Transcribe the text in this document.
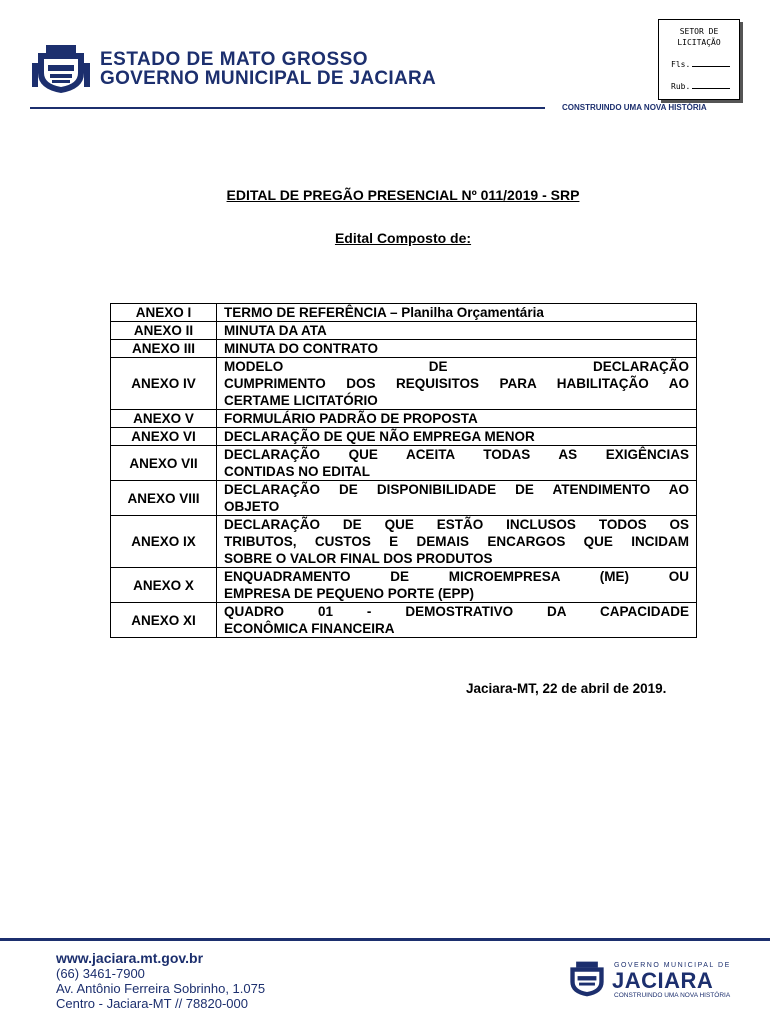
ESTADO DE MATO GROSSO
GOVERNO MUNICIPAL DE JACIARA
CONSTRUINDO UMA NOVA HISTÓRIA
SETOR DE
LICITAÇÃO
Fls.
Rub.
EDITAL DE PREGÃO PRESENCIAL Nº 011/2019 - SRP
Edital Composto de:
ANEXO I	TERMO DE REFERÊNCIA – Planilha Orçamentária

ANEXO II	MINUTA DA ATA

ANEXO III	MINUTA DO CONTRATO

ANEXO IV	MODELO DE DECLARAÇÃO
CUMPRIMENTO DOS REQUISITOS PARA HABILITAÇÃO AO
CERTAME LICITATÓRIO

ANEXO V	FORMULÁRIO PADRÃO DE PROPOSTA

ANEXO VI	DECLARAÇÃO DE QUE NÃO EMPREGA MENOR

ANEXO VII	DECLARAÇÃO QUE ACEITA TODAS AS EXIGÊNCIAS
CONTIDAS NO EDITAL

ANEXO VIII	DECLARAÇÃO DE DISPONIBILIDADE DE ATENDIMENTO AO
OBJETO

ANEXO IX	DECLARAÇÃO DE QUE ESTÃO INCLUSOS TODOS OS
TRIBUTOS, CUSTOS E DEMAIS ENCARGOS QUE INCIDAM
SOBRE O VALOR FINAL DOS PRODUTOS

ANEXO X	ENQUADRAMENTO DE MICROEMPRESA (ME) OU
EMPRESA DE PEQUENO PORTE (EPP)

ANEXO XI	QUADRO 01 - DEMOSTRATIVO DA CAPACIDADE
ECONÔMICA FINANCEIRA
Jaciara-MT, 22 de abril de 2019.
www.jaciara.mt.gov.br
(66) 3461-7900
Av. Antônio Ferreira Sobrinho, 1.075
Centro - Jaciara-MT // 78820-000
GOVERNO MUNICIPAL DE
JACIARA
CONSTRUINDO UMA NOVA HISTÓRIA
